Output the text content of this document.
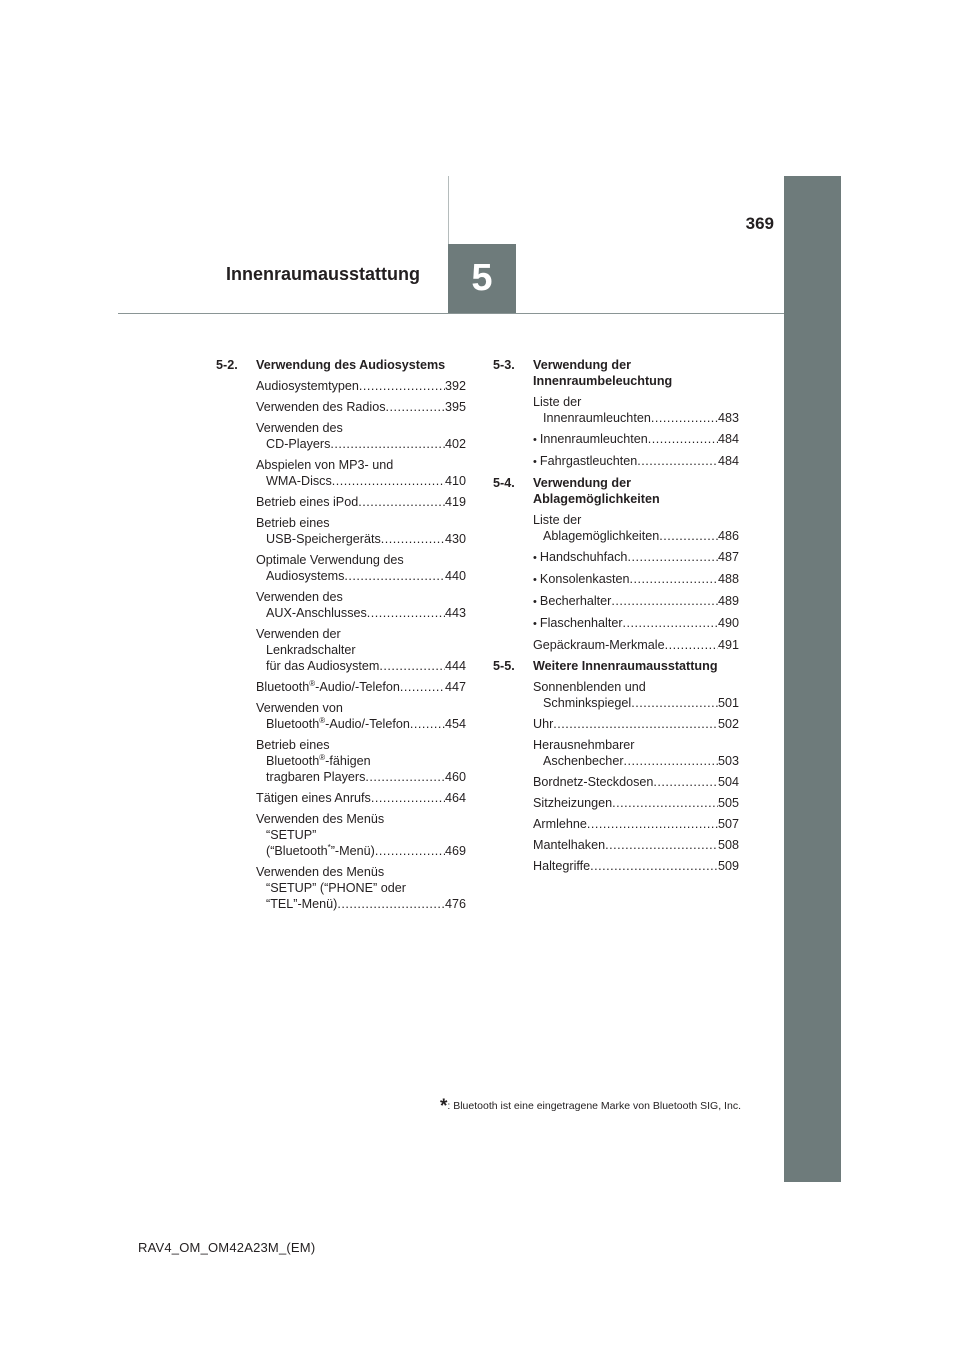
5
369
Innenraumausstattung
5-2. Verwendung des Audiosystems
Audiosystemtypen .....	392
Verwenden des Radios .....	395
Verwenden des
CD-Players .....	402
Abspielen von MP3- und
WMA-Discs .....	410
Betrieb eines iPod .....	419
Betrieb eines
USB-Speichergeräts .....	430
Optimale Verwendung des
Audiosystems .....	440
Verwenden des
AUX-Anschlusses .....	443
Verwenden der
Lenkradschalter
für das Audiosystem .....	444
Bluetooth®-Audio/-Telefon .....	447
Verwenden von
Bluetooth®-Audio/-Telefon .....	454
Betrieb eines
Bluetooth®-fähigen
tragbaren Players .....	460
Tätigen eines Anrufs .....	464
Verwenden des Menüs
“SETUP”
(“Bluetooth*”-Menü) .....	469
Verwenden des Menüs
“SETUP” (“PHONE” oder
“TEL”-Menü) .....	476
5-3. Verwendung der
Innenraumbeleuchtung
Liste der
Innenraumleuchten .....	483
• Innenraumleuchten .....	484
• Fahrgastleuchten .....	484
5-4. Verwendung der
Ablagemöglichkeiten
Liste der
Ablagemöglichkeiten .....	486
• Handschuhfach .....	487
• Konsolenkasten .....	488
• Becherhalter .....	489
• Flaschenhalter .....	490
Gepäckraum-Merkmale .....	491
5-5. Weitere Innenraumausstattung
Sonnenblenden und
Schminkspiegel .....	501
Uhr .....	502
Herausnehmbarer
Aschenbecher .....	503
Bordnetz-Steckdosen .....	504
Sitzheizungen .....	505
Armlehne .....	507
Mantelhaken .....	508
Haltegriffe .....	509
*: Bluetooth ist eine eingetragene Marke von Bluetooth SIG, Inc.
RAV4_OM_OM42A23M_(EM)
